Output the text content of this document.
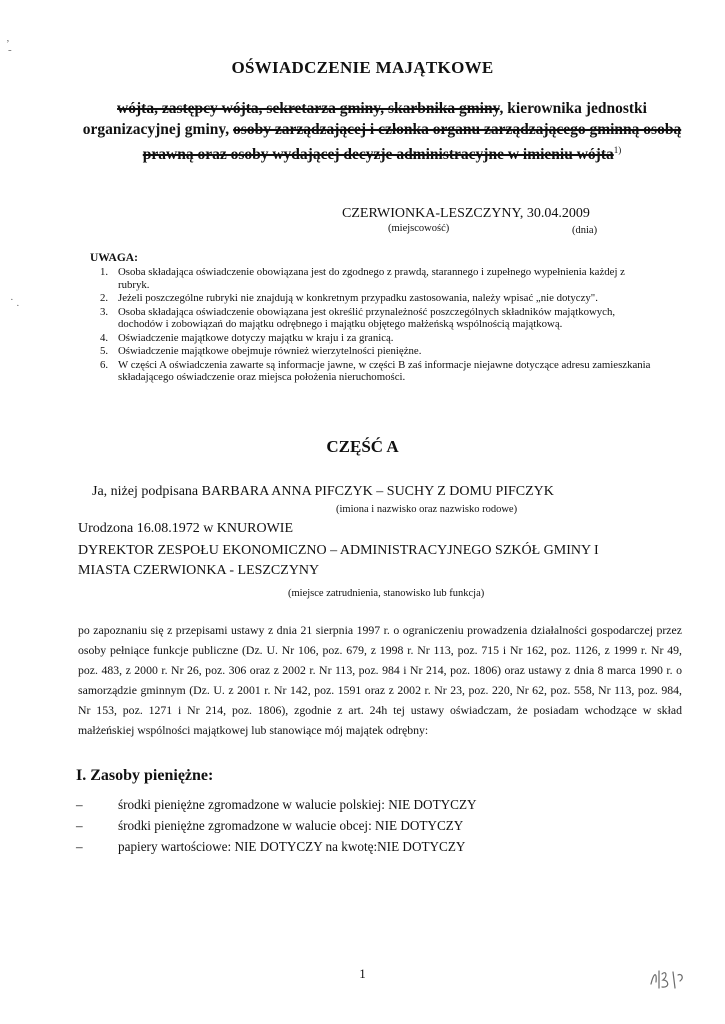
‚
-
· ·
OŚWIADCZENIE MAJĄTKOWE
wójta, zastępcy wójta, sekretarza gminy, skarbnika gminy, kierownika jednostki organizacyjnej gminy, osoby zarządzającej i członka organu zarządzającego gminną osobą prawną oraz osoby wydającej decyzje administracyjne w imieniu wójta$^{1)}$
CZERWIONKA-LESZCZYNY, 30.04.2009
(miejscowość)	(dnia)
UWAGA:
1. Osoba składająca oświadczenie obowiązana jest do zgodnego z prawdą, starannego i zupełnego wypełnienia każdej z rubryk.
2. Jeżeli poszczególne rubryki nie znajdują w konkretnym przypadku zastosowania, należy wpisać „nie dotyczy".
3. Osoba składająca oświadczenie obowiązana jest określić przynależność poszczególnych składników majątkowych, dochodów i zobowiązań do majątku odrębnego i majątku objętego małżeńską wspólnością majątkową.
4. Oświadczenie majątkowe dotyczy majątku w kraju i za granicą.
5. Oświadczenie majątkowe obejmuje również wierzytelności pieniężne.
6. W części A oświadczenia zawarte są informacje jawne, w części B zaś informacje niejawne dotyczące adresu zamieszkania składającego oświadczenie oraz miejsca położenia nieruchomości.
CZĘŚĆ A
Ja, niżej podpisana BARBARA ANNA PIFCZYK – SUCHY Z DOMU PIFCZYK
(imiona i nazwisko oraz nazwisko rodowe)
Urodzona 16.08.1972 w KNUROWIE
DYREKTOR ZESPOŁU EKONOMICZNO – ADMINISTRACYJNEGO SZKÓŁ GMINY I
MIASTA CZERWIONKA - LESZCZYNY
(miejsce zatrudnienia, stanowisko lub funkcja)
po zapoznaniu się z przepisami ustawy z dnia 21 sierpnia 1997 r. o ograniczeniu prowadzenia działalności gospodarczej przez osoby pełniące funkcje publiczne (Dz. U. Nr 106, poz. 679, z 1998 r. Nr 113, poz. 715 i Nr 162, poz. 1126, z 1999 r. Nr 49, poz. 483, z 2000 r. Nr 26, poz. 306 oraz z 2002 r. Nr 113, poz. 984 i Nr 214, poz. 1806) oraz ustawy z dnia 8 marca 1990 r. o samorządzie gminnym (Dz. U. z 2001 r. Nr 142, poz. 1591 oraz z 2002 r. Nr 23, poz. 220, Nr 62, poz. 558, Nr 113, poz. 984, Nr 153, poz. 1271 i Nr 214, poz. 1806), zgodnie z art. 24h tej ustawy oświadczam, że posiadam wchodzące w skład małżeńskiej wspólności majątkowej lub stanowiące mój majątek odrębny:
I. Zasoby pieniężne:
–	środki pieniężne zgromadzone w walucie polskiej: NIE DOTYCZY
–	środki pieniężne zgromadzone w walucie obcej: NIE DOTYCZY
–	papiery wartościowe: NIE DOTYCZY na kwotę:NIE DOTYCZY
1
